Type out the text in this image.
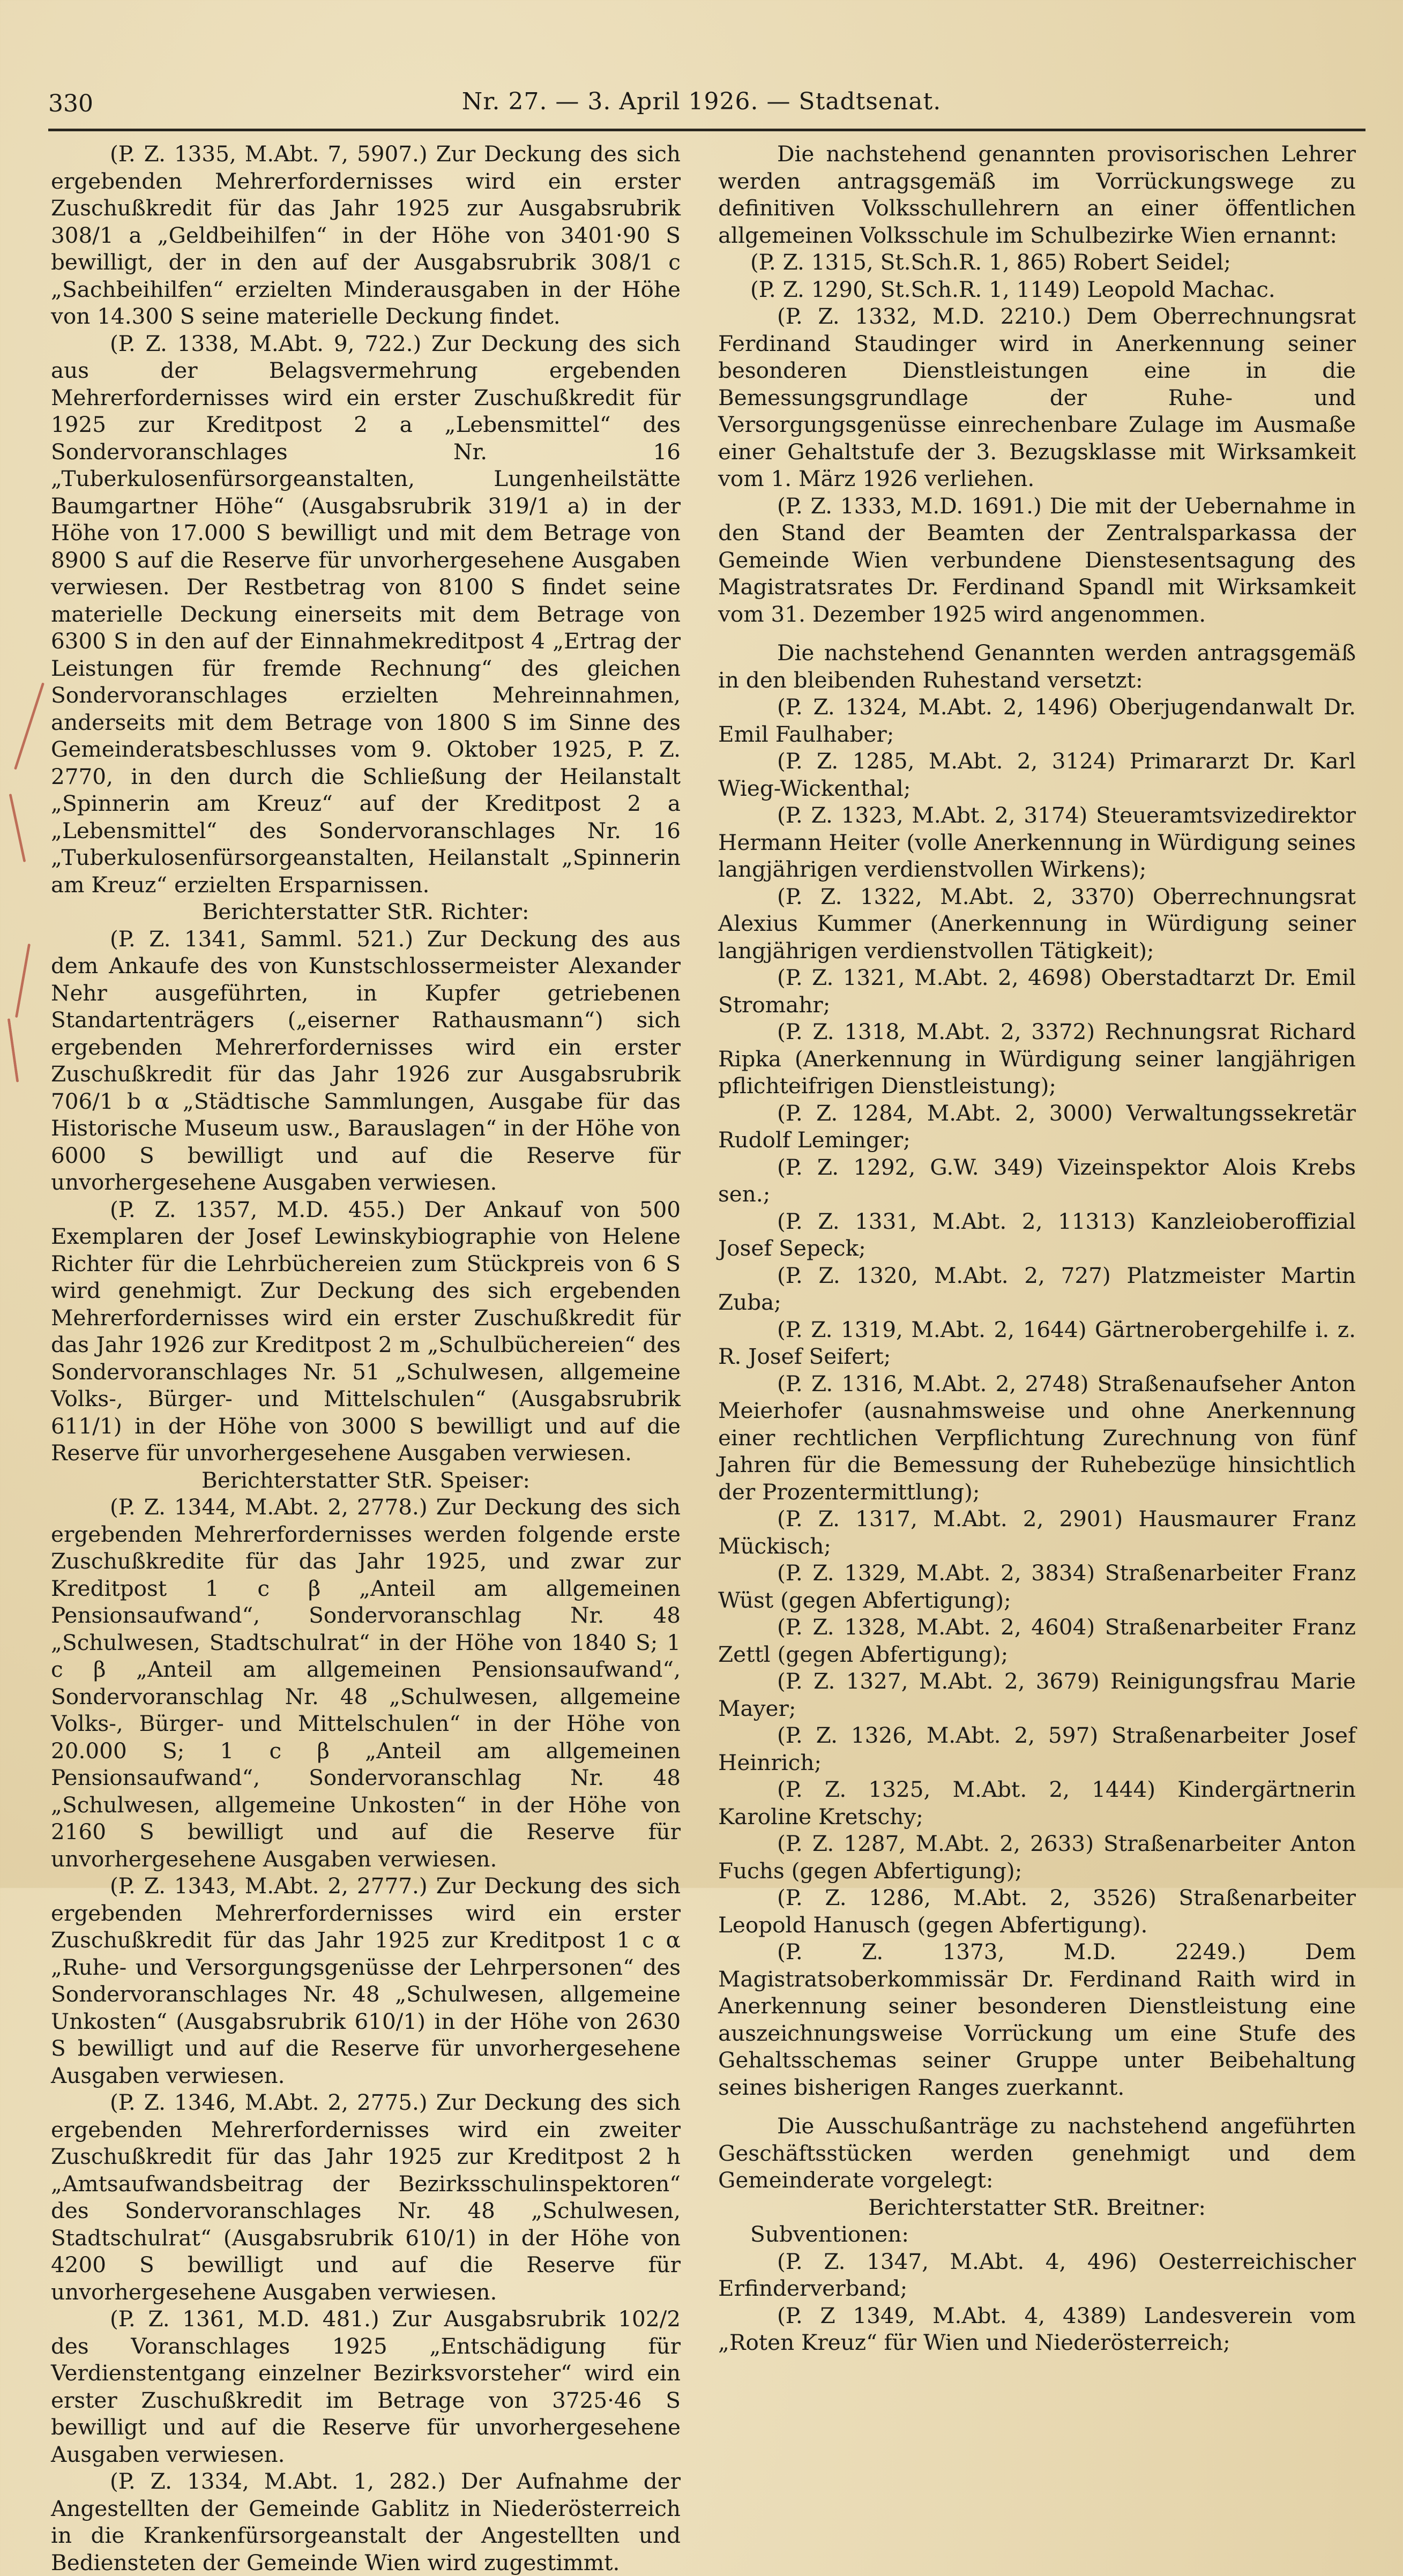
330	Nr. 27. — 3. April 1926. — Stadtsenat.

(P. Z. 1335, M.Abt. 7, 5907.) Zur Deckung des sich ergebenden Mehrerfordernisses wird ein erster Zuschußkredit für das Jahr 1925 zur Ausgabsrubrik 308/1 a „Geldbeihilfen“ in der Höhe von 3401·90 S bewilligt, der in den auf der Ausgabsrubrik 308/1 c „Sachbeihilfen“ erzielten Minderausgaben in der Höhe von 14.300 S seine materielle Deckung findet.

(P. Z. 1338, M.Abt. 9, 722.) Zur Deckung des sich aus der Belagsvermehrung ergebenden Mehrerfordernisses wird ein erster Zuschußkredit für 1925 zur Kreditpost 2 a „Lebensmittel“ des Sondervoranschlages Nr. 16 „Tuberkulosenfürsorgeanstalten, Lungenheilstätte Baumgartner Höhe“ (Ausgabsrubrik 319/1 a) in der Höhe von 17.000 S bewilligt und mit dem Betrage von 8900 S auf die Reserve für unvorhergesehene Ausgaben verwiesen. Der Restbetrag von 8100 S findet seine materielle Deckung einerseits mit dem Betrage von 6300 S in den auf der Einnahmekreditpost 4 „Ertrag der Leistungen für fremde Rechnung“ des gleichen Sondervoranschlages erzielten Mehreinnahmen, anderseits mit dem Betrage von 1800 S im Sinne des Gemeinderatsbeschlusses vom 9. Oktober 1925, P. Z. 2770, in den durch die Schließung der Heilanstalt „Spinnerin am Kreuz“ auf der Kreditpost 2 a „Lebensmittel“ des Sondervoranschlages Nr. 16 „Tuberkulosenfürsorgeanstalten, Heilanstalt „Spinnerin am Kreuz“ erzielten Ersparnissen.

Berichterstatter StR. Richter:

(P. Z. 1341, Samml. 521.) Zur Deckung des aus dem Ankaufe des von Kunstschlossermeister Alexander Nehr ausgeführten, in Kupfer getriebenen Standartenträgers („eiserner Rathausmann“) sich ergebenden Mehrerfordernisses wird ein erster Zuschußkredit für das Jahr 1926 zur Ausgabsrubrik 706/1 b α „Städtische Sammlungen, Ausgabe für das Historische Museum usw., Barauslagen“ in der Höhe von 6000 S bewilligt und auf die Reserve für unvorhergesehene Ausgaben verwiesen.

(P. Z. 1357, M.D. 455.) Der Ankauf von 500 Exemplaren der Josef Lewinskybiographie von Helene Richter für die Lehrbüchereien zum Stückpreis von 6 S wird genehmigt. Zur Deckung des sich ergebenden Mehrerfordernisses wird ein erster Zuschußkredit für das Jahr 1926 zur Kreditpost 2 m „Schulbüchereien“ des Sondervoranschlages Nr. 51 „Schulwesen, allgemeine Volks-, Bürger- und Mittelschulen“ (Ausgabsrubrik 611/1) in der Höhe von 3000 S bewilligt und auf die Reserve für unvorhergesehene Ausgaben verwiesen.

Berichterstatter StR. Speiser:

(P. Z. 1344, M.Abt. 2, 2778.) Zur Deckung des sich ergebenden Mehrerfordernisses werden folgende erste Zuschußkredite für das Jahr 1925, und zwar zur Kreditpost 1 c β „Anteil am allgemeinen Pensionsaufwand“, Sondervoranschlag Nr. 48 „Schulwesen, Stadtschulrat“ in der Höhe von 1840 S; 1 c β „Anteil am allgemeinen Pensionsaufwand“, Sondervoranschlag Nr. 48 „Schulwesen, allgemeine Volks-, Bürger- und Mittelschulen“ in der Höhe von 20.000 S; 1 c β „Anteil am allgemeinen Pensionsaufwand“, Sondervoranschlag Nr. 48 „Schulwesen, allgemeine Unkosten“ in der Höhe von 2160 S bewilligt und auf die Reserve für unvorhergesehene Ausgaben verwiesen.

(P. Z. 1343, M.Abt. 2, 2777.) Zur Deckung des sich ergebenden Mehrerfordernisses wird ein erster Zuschußkredit für das Jahr 1925 zur Kreditpost 1 c α „Ruhe- und Versorgungsgenüsse der Lehrpersonen“ des Sondervoranschlages Nr. 48 „Schulwesen, allgemeine Unkosten“ (Ausgabsrubrik 610/1) in der Höhe von 2630 S bewilligt und auf die Reserve für unvorhergesehene Ausgaben verwiesen.

(P. Z. 1346, M.Abt. 2, 2775.) Zur Deckung des sich ergebenden Mehrerfordernisses wird ein zweiter Zuschußkredit für das Jahr 1925 zur Kreditpost 2 h „Amtsaufwandsbeitrag der Bezirksschulinspektoren“ des Sondervoranschlages Nr. 48 „Schulwesen, Stadtschulrat“ (Ausgabsrubrik 610/1) in der Höhe von 4200 S bewilligt und auf die Reserve für unvorhergesehene Ausgaben verwiesen.

(P. Z. 1361, M.D. 481.) Zur Ausgabsrubrik 102/2 des Voranschlages 1925 „Entschädigung für Verdienstentgang einzelner Bezirksvorsteher“ wird ein erster Zuschußkredit im Betrage von 3725·46 S bewilligt und auf die Reserve für unvorhergesehene Ausgaben verwiesen.

(P. Z. 1334, M.Abt. 1, 282.) Der Aufnahme der Angestellten der Gemeinde Gablitz in Niederösterreich in die Krankenfürsorgeanstalt der Angestellten und Bediensteten der Gemeinde Wien wird zugestimmt.

Die nachstehend genannten provisorischen Lehrer werden antragsgemäß im Vorrückungswege zu definitiven Volksschullehrern an einer öffentlichen allgemeinen Volksschule im Schulbezirke Wien ernannt:

(P. Z. 1315, St.Sch.R. 1, 865) Robert Seidel;

(P. Z. 1290, St.Sch.R. 1, 1149) Leopold Machac.

(P. Z. 1332, M.D. 2210.) Dem Oberrechnungsrat Ferdinand Staudinger wird in Anerkennung seiner besonderen Dienstleistungen eine in die Bemessungsgrundlage der Ruhe- und Versorgungsgenüsse einrechenbare Zulage im Ausmaße einer Gehaltstufe der 3. Bezugsklasse mit Wirksamkeit vom 1. März 1926 verliehen.

(P. Z. 1333, M.D. 1691.) Die mit der Uebernahme in den Stand der Beamten der Zentralsparkassa der Gemeinde Wien verbundene Dienstesentsagung des Magistratsrates Dr. Ferdinand Spandl mit Wirksamkeit vom 31. Dezember 1925 wird angenommen.

Die nachstehend Genannten werden antragsgemäß in den bleibenden Ruhestand versetzt:

(P. Z. 1324, M.Abt. 2, 1496) Oberjugendanwalt Dr. Emil Faulhaber;

(P. Z. 1285, M.Abt. 2, 3124) Primararzt Dr. Karl Wieg-Wickenthal;

(P. Z. 1323, M.Abt. 2, 3174) Steueramtsvizedirektor Hermann Heiter (volle Anerkennung in Würdigung seines langjährigen verdienstvollen Wirkens);

(P. Z. 1322, M.Abt. 2, 3370) Oberrechnungsrat Alexius Kummer (Anerkennung in Würdigung seiner langjährigen verdienstvollen Tätigkeit);

(P. Z. 1321, M.Abt. 2, 4698) Oberstadtarzt Dr. Emil Stromahr;

(P. Z. 1318, M.Abt. 2, 3372) Rechnungsrat Richard Ripka (Anerkennung in Würdigung seiner langjährigen pflichteifrigen Dienstleistung);

(P. Z. 1284, M.Abt. 2, 3000) Verwaltungssekretär Rudolf Leminger;

(P. Z. 1292, G.W. 349) Vizeinspektor Alois Krebs sen.;

(P. Z. 1331, M.Abt. 2, 11313) Kanzleioberoffizial Josef Sepeck;

(P. Z. 1320, M.Abt. 2, 727) Platzmeister Martin Zuba;

(P. Z. 1319, M.Abt. 2, 1644) Gärtnerobergehilfe i. z. R. Josef Seifert;

(P. Z. 1316, M.Abt. 2, 2748) Straßenaufseher Anton Meierhofer (ausnahmsweise und ohne Anerkennung einer rechtlichen Verpflichtung Zurechnung von fünf Jahren für die Bemessung der Ruhebezüge hinsichtlich der Prozentermittlung);

(P. Z. 1317, M.Abt. 2, 2901) Hausmaurer Franz Mückisch;

(P. Z. 1329, M.Abt. 2, 3834) Straßenarbeiter Franz Wüst (gegen Abfertigung);

(P. Z. 1328, M.Abt. 2, 4604) Straßenarbeiter Franz Zettl (gegen Abfertigung);

(P. Z. 1327, M.Abt. 2, 3679) Reinigungsfrau Marie Mayer;

(P. Z. 1326, M.Abt. 2, 597) Straßenarbeiter Josef Heinrich;

(P. Z. 1325, M.Abt. 2, 1444) Kindergärtnerin Karoline Kretschy;

(P. Z. 1287, M.Abt. 2, 2633) Straßenarbeiter Anton Fuchs (gegen Abfertigung);

(P. Z. 1286, M.Abt. 2, 3526) Straßenarbeiter Leopold Hanusch (gegen Abfertigung).

(P. Z. 1373, M.D. 2249.) Dem Magistratsoberkommissär Dr. Ferdinand Raith wird in Anerkennung seiner besonderen Dienstleistung eine auszeichnungsweise Vorrückung um eine Stufe des Gehaltsschemas seiner Gruppe unter Beibehaltung seines bisherigen Ranges zuerkannt.

Die Ausschußanträge zu nachstehend angeführten Geschäftsstücken werden genehmigt und dem Gemeinderate vorgelegt:

Berichterstatter StR. Breitner:

Subventionen:

(P. Z. 1347, M.Abt. 4, 496) Oesterreichischer Erfinderverband;

(P. Z 1349, M.Abt. 4, 4389) Landesverein vom „Roten Kreuz“ für Wien und Niederösterreich;
